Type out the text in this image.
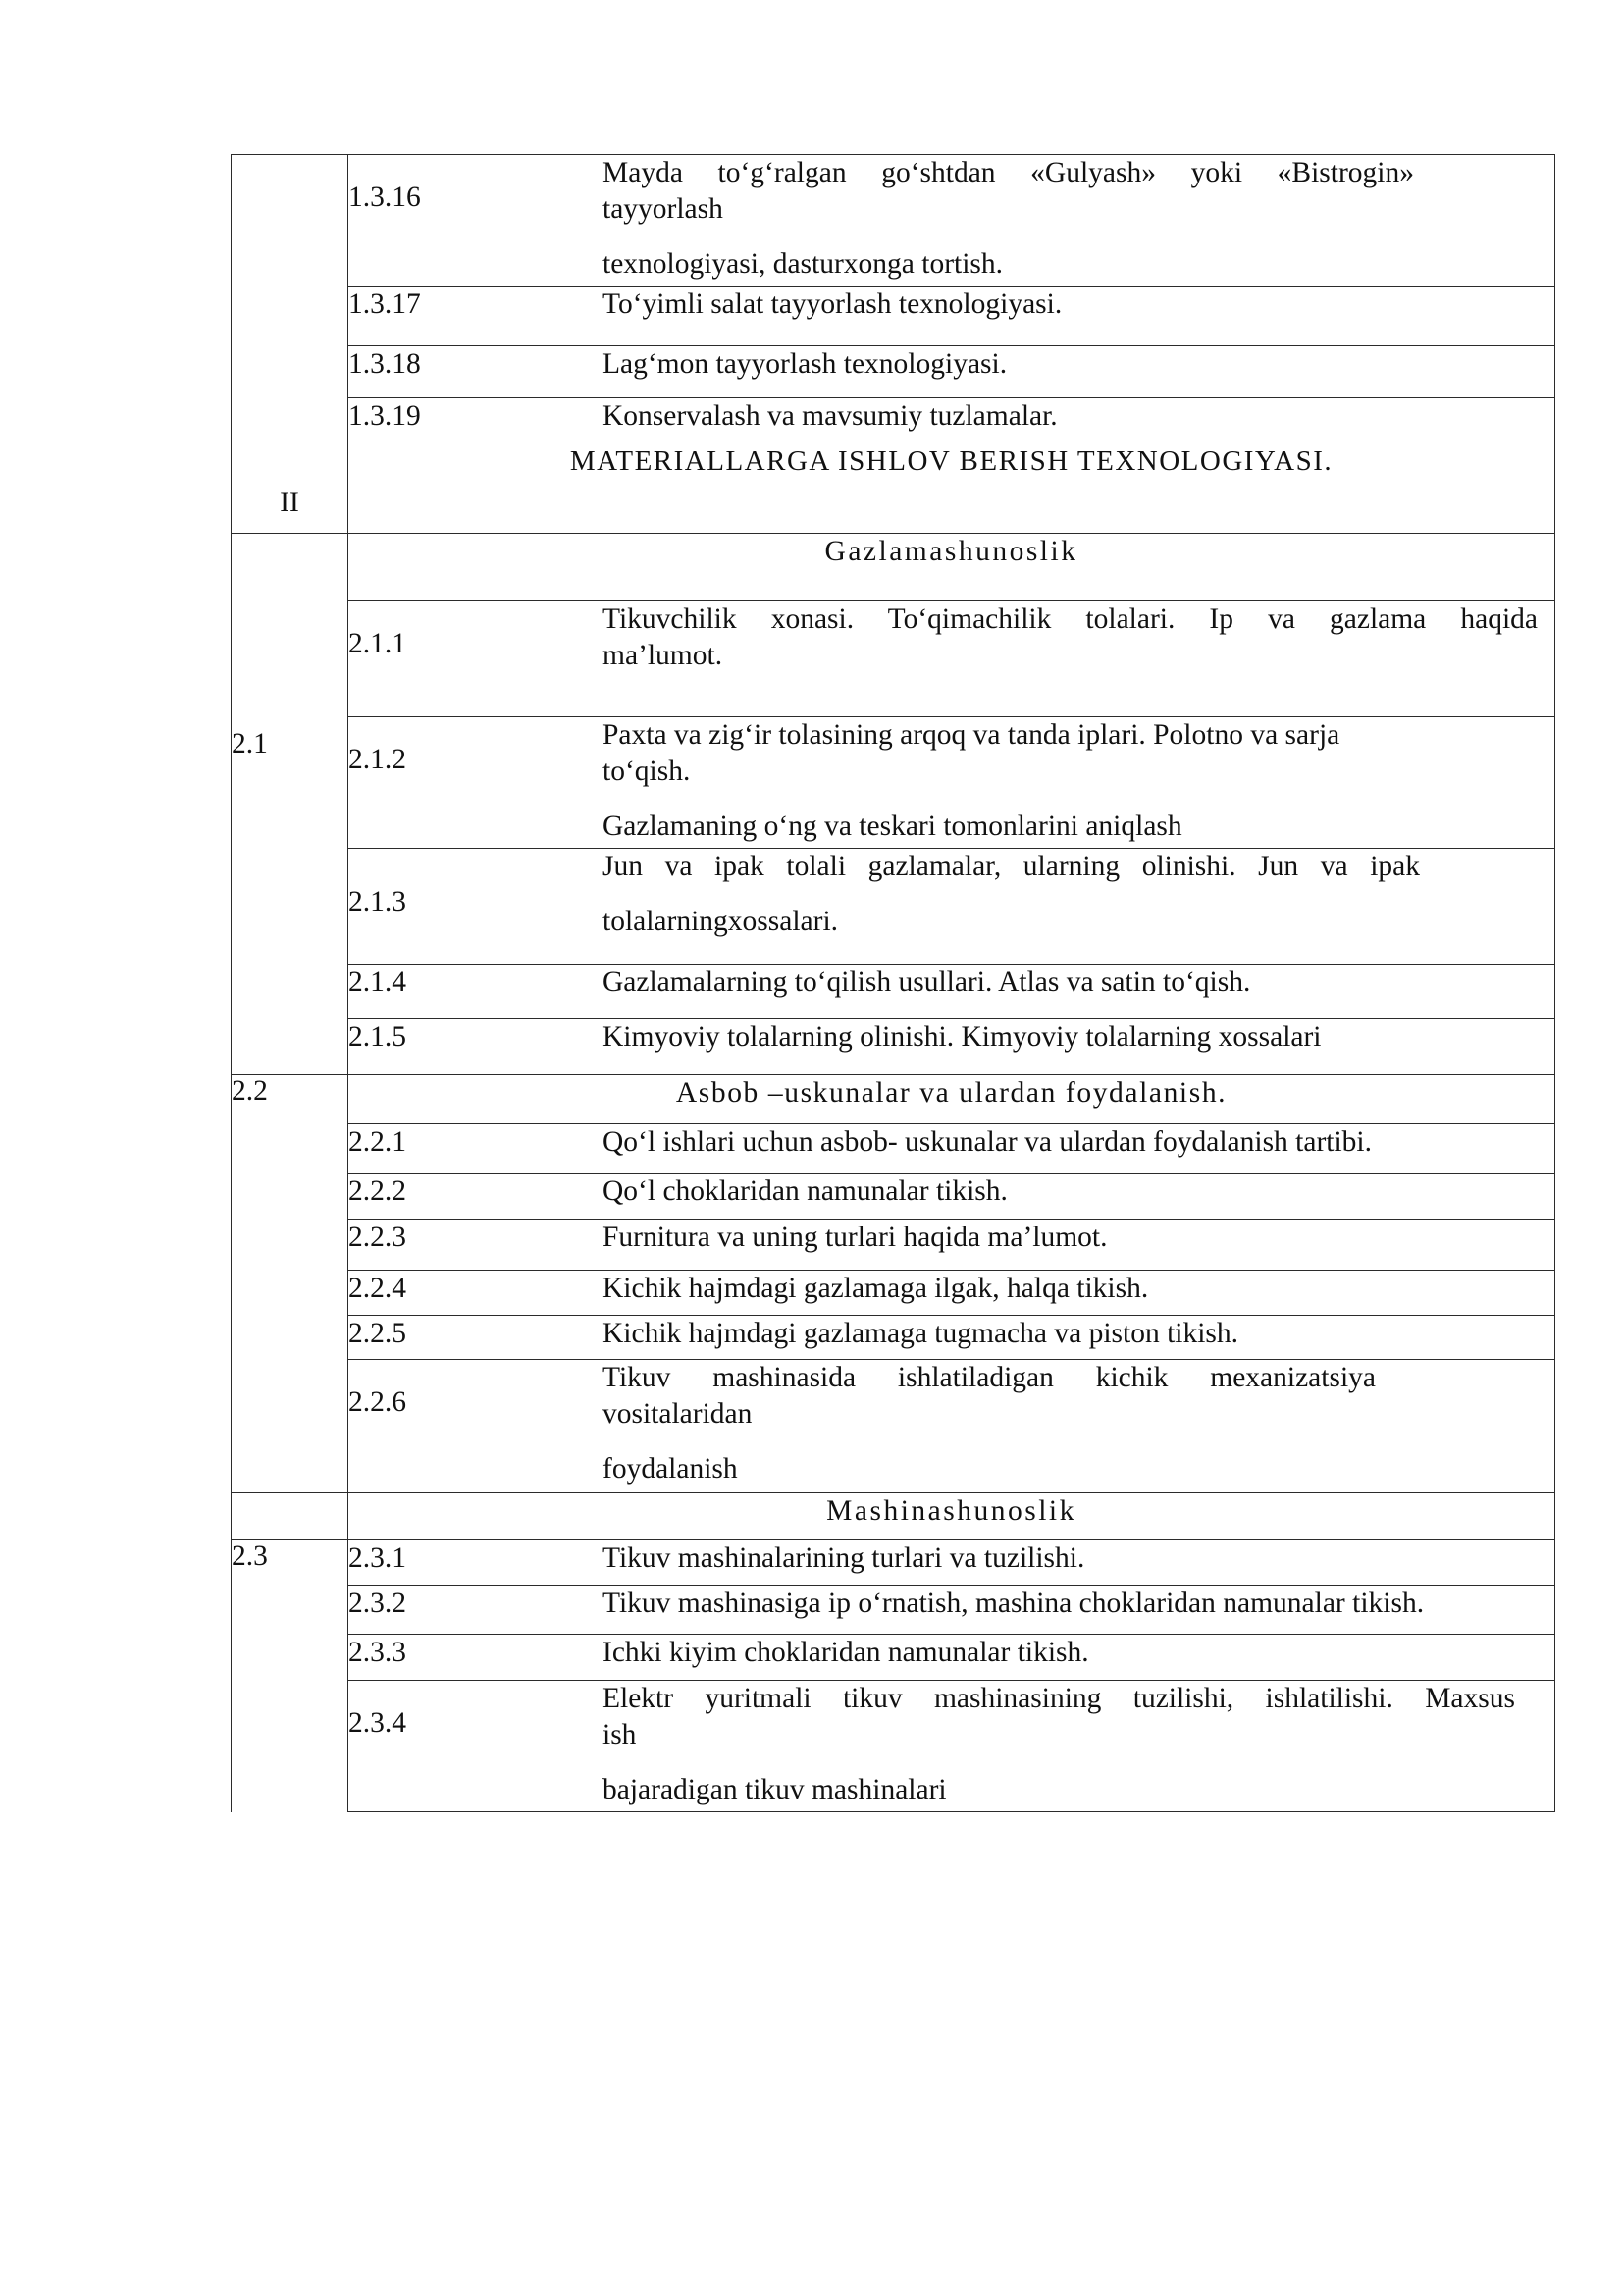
	1.3.16	Mayda to‘g‘ralgan go‘shtdan «Gulyash» yoki «Bistrogin»
tayyorlash
texnologiyasi, dasturxonga tortish.

	1.3.17	To‘yimli salat tayyorlash texnologiyasi.

	1.3.18	Lag‘mon tayyorlash texnologiyasi.

	1.3.19	Konservalash va mavsumiy tuzlamalar.

II	MATERIALLARGA ISHLOV BERISH TEXNOLOGIYASI.	
2.1	Gazlamashunoslik	
	2.1.1	Tikuvchilik xonasi. To‘qimachilik tolalari. Ip va gazlama haqida
ma’lumot.

	2.1.2	Paxta va zig‘ir tolasining arqoq va tanda iplari. Polotno va sarja
to‘qish.
Gazlamaning o‘ng va teskari tomonlarini aniqlash

	2.1.3	Jun va ipak tolali gazlamalar, ularning olinishi. Jun va ipak
tolalarningxossalari.

	2.1.4	Gazlamalarning to‘qilish usullari. Atlas va satin to‘qish.

	2.1.5	Kimyoviy tolalarning olinishi. Kimyoviy tolalarning xossalari

2.2	Asbob –uskunalar va ulardan foydalanish.	
	2.2.1	Qo‘l ishlari uchun asbob- uskunalar va ulardan foydalanish tartibi.

	2.2.2	Qo‘l choklaridan namunalar tikish.

	2.2.3	Furnitura va uning turlari haqida ma’lumot.

	2.2.4	Kichik hajmdagi gazlamaga ilgak, halqa tikish.

	2.2.5	Kichik hajmdagi gazlamaga tugmacha va piston tikish.

	2.2.6	Tikuv mashinasida ishlatiladigan kichik mexanizatsiya
vositalaridan
foydalanish

	Mashinashunoslik	
2.3	2.3.1	Tikuv mashinalarining turlari va tuzilishi.

	2.3.2	Tikuv mashinasiga ip o‘rnatish, mashina choklaridan namunalar tikish.

	2.3.3	Ichki kiyim choklaridan namunalar tikish.

	2.3.4	Elektr yuritmali tikuv mashinasining tuzilishi, ishlatilishi. Maxsus
ish
bajaradigan tikuv mashinalari
